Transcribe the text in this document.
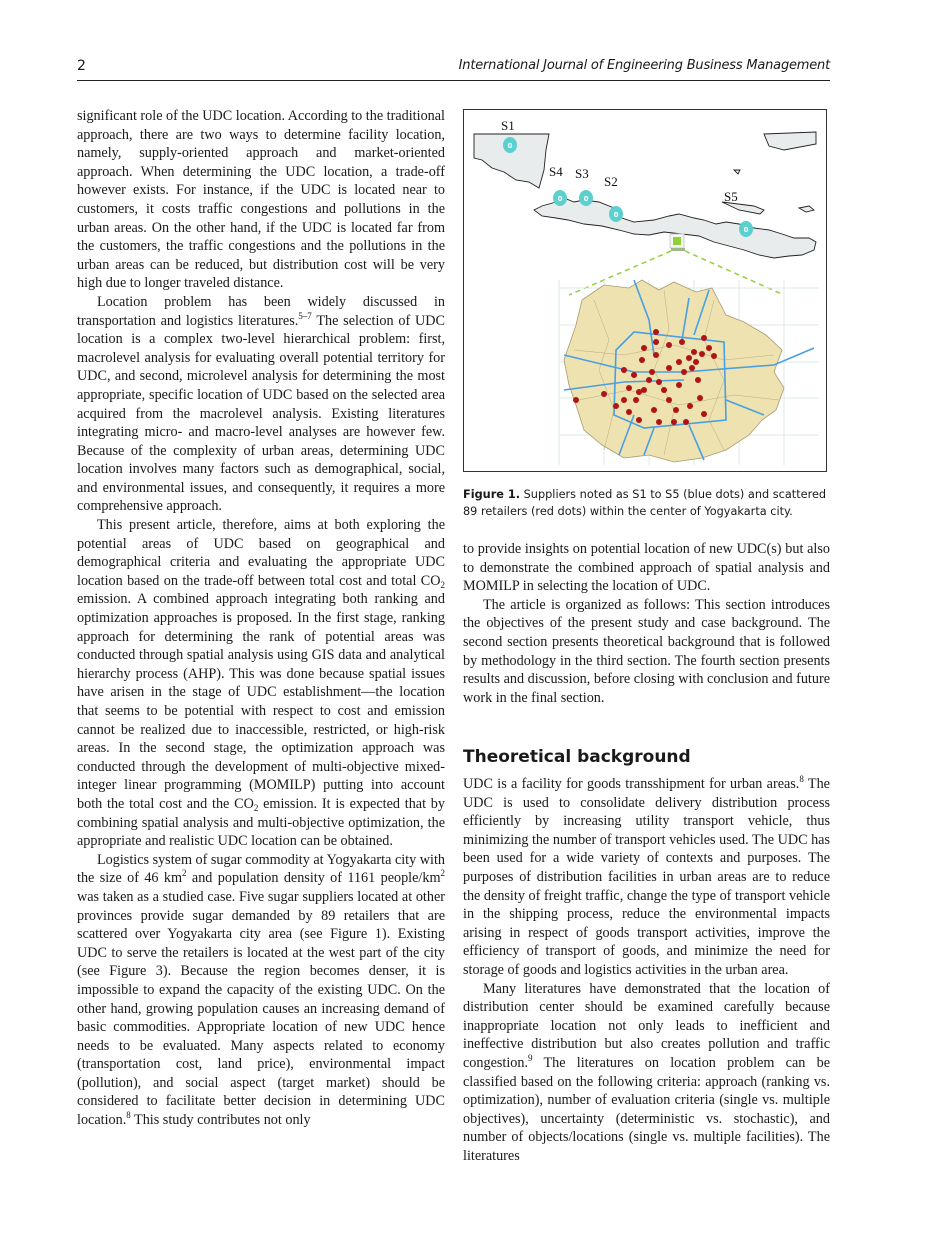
2	International Journal of Engineering Business Management

significant role of the UDC location. According to the traditional approach, there are two ways to determine facility location, namely, supply-oriented approach and market-oriented approach. When determining the UDC location, a trade-off however exists. For instance, if the UDC is located near to customers, it costs traffic congestions and pollutions in the urban areas. On the other hand, if the UDC is located far from the customers, the traffic congestions and the pollutions in the urban areas can be reduced, but distribution cost will be very high due to longer traveled distance.

Location problem has been widely discussed in transportation and logistics literatures.$^{5-7}$ The selection of UDC location is a complex two-level hierarchical problem: first, macrolevel analysis for evaluating overall potential territory for UDC, and second, microlevel analysis for determining the most appropriate, specific location of UDC based on the selected area acquired from the macrolevel analysis. Existing literatures integrating micro- and macro-level analyses are however few. Because of the complexity of urban areas, determining UDC location involves many factors such as demographical, social, and environmental issues, and consequently, it requires a more comprehensive approach.

This present article, therefore, aims at both exploring the potential areas of UDC based on geographical and demographical criteria and evaluating the appropriate UDC location based on the trade-off between total cost and total $CO_2$ emission. A combined approach integrating both ranking and optimization approaches is proposed. In the first stage, ranking approach for determining the rank of potential areas was conducted through spatial analysis using GIS data and analytical hierarchy process (AHP). This was done because spatial issues have arisen in the stage of UDC establishment—the location that seems to be potential with respect to cost and emission cannot be realized due to inaccessible, restricted, or high-risk areas. In the second stage, the optimization approach was conducted through the development of multi-objective mixed-integer linear programming (MOMILP) putting into account both the total cost and the $CO_2$ emission. It is expected that by combining spatial analysis and multi-objective optimization, the appropriate and realistic UDC location can be obtained.

Logistics system of sugar commodity at Yogyakarta city with the size of 46 $km^2$ and population density of 1161 people/$km^2$ was taken as a studied case. Five sugar suppliers located at other provinces provide sugar demanded by 89 retailers that are scattered over Yogyakarta city area (see Figure 1). Existing UDC to serve the retailers is located at the west part of the city (see Figure 3). Because the region becomes denser, it is impossible to expand the capacity of the existing UDC. On the other hand, growing population causes an increasing demand of basic commodities. Appropriate location of new UDC hence needs to be evaluated. Many aspects related to economy (transportation cost, land price), environmental impact (pollution), and social aspect (target market) should be considered to facilitate better decision in determining UDC location.$^8$ This study contributes not only

0
0	0
0
0
S1
S2
S3
S4
S5
Figure 1. Suppliers noted as S1 to S5 (blue dots) and scattered 89 retailers (red dots) within the center of Yogyakarta city.

to provide insights on potential location of new UDC(s) but also to demonstrate the combined approach of spatial analysis and MOMILP in selecting the location of UDC.

The article is organized as follows: This section introduces the objectives of the present study and case background. The second section presents theoretical background that is followed by methodology in the third section. The fourth section presents results and discussion, before closing with conclusion and future work in the final section.

Theoretical background

UDC is a facility for goods transshipment for urban areas.$^8$ The UDC is used to consolidate delivery distribution process efficiently by increasing utility transport vehicle, thus minimizing the number of transport vehicles used. The UDC has been used for a wide variety of contexts and purposes. The purposes of distribution facilities in urban areas are to reduce the density of freight traffic, change the type of transport vehicle in the shipping process, reduce the environmental impacts arising in respect of goods transport activities, improve the efficiency of transport of goods, and minimize the need for storage of goods and logistics activities in the urban area.

Many literatures have demonstrated that the location of distribution center should be examined carefully because inappropriate location not only leads to inefficient and ineffective distribution but also creates pollution and traffic congestion.$^9$ The literatures on location problem can be classified based on the following criteria: approach (ranking vs. optimization), number of evaluation criteria (single vs. multiple objectives), uncertainty (deterministic vs. stochastic), and number of objects/locations (single vs. multiple facilities). The literatures
